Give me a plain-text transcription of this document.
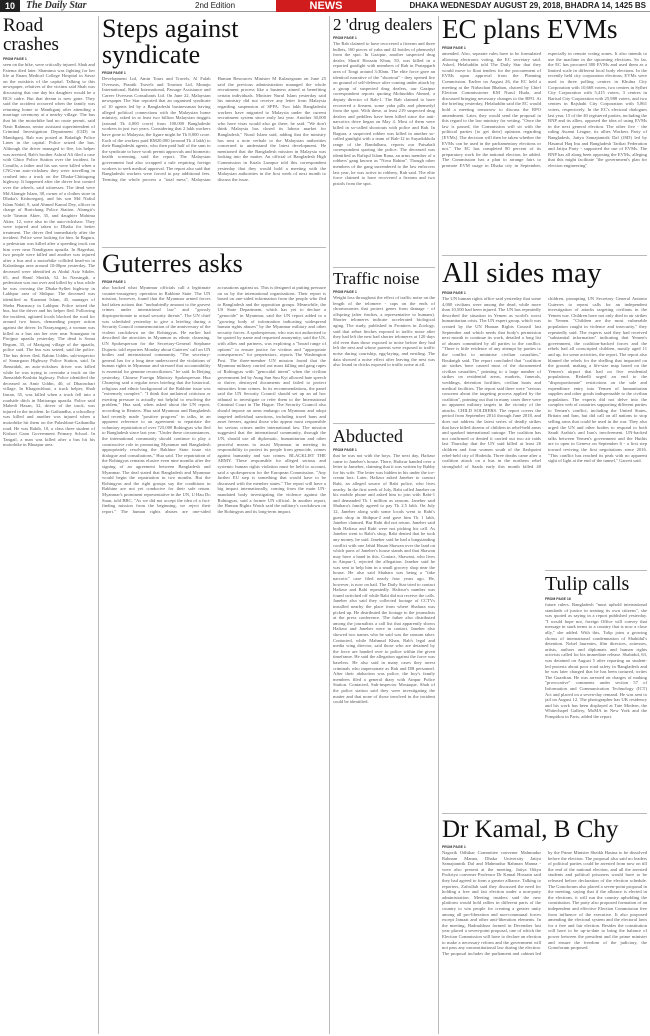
10	The Daily Star	2nd Edition	NEWS	DHAKA WEDNESDAY AUGUST 29, 2018, BHADRA 14, 1425 BS
Road crashes
FROM PAGE 1
seen on the bike, were critically injured. Shah and Fatema died later. Shamima was fighting for her life at Enam Medical College Hospital in Savar on the outskirts of the capital. Talking to this newspaper, relatives of the victims said Shah was discussing that one day his daughter would be a BCS cadre. But that dream is now gone. They said the accident occurred when the family was returning home to Manikganj after attending a marriage ceremony at a nearby village. The bus that hit the motorbike had no route permit, said Nasir Rahman, senior assistant superintendent of Criminal Investigation Department (CID) in Manikganj. Rab was posted at Baladigh Police Lines in the capital. Police seized the bus. Although the driver managed to flee, his helper was arrested, Rab's brother Ashraf Ali filed a case with Ghior Police Station over the incident. In Comilla, a father and his son were killed when a CNG-run auto-rickshaw they were travelling in crashed into a truck on the Dhaka-Chittagong highway. It happened after the driver lost control over the wheels, said witnesses. The dead were Md Alamgir Islam, 38, owner of a clothes store in Dhaka's Kishoreganj, and his son Md Nafiul Islam Nabil, 9, said Ahmed Kamal Dey, officer in charge of Burichang Police Station. Alamgir's wife Tasmin Akter, 35, and daughter Mahima Akter, 12, were also in the auto-rickshaw. They were injured and taken to Dhaka for better treatment. The driver fled immediately after the incident. Police were looking for him. In Bagura, a pedestrian was killed after a speeding truck ran him over near Nandigram upazila. In Bagerhat, two people were killed and another was injured after a bus and a motorbike collided head-on in Kalardanga area around 10:00pm yesterday. The deceased were identified as Abdul Aziz Sikder, 65, and Hanif Sheikh, 52. In Narsingdi, a pedestrian was run over and killed by a bus while he was crossing the Dhaka-Sylhet highway in Lakhpur area of Shibpur. The deceased was identified as Karamat Islam, 45, manager of Sheba Pharmacy in Lakhpur. Police seized the bus, but the driver and his helper fled. Following the incident, agitated locals blocked the road for around two hours, demanding proper action against the driver. In Narayanganj, a woman was killed as a bus ran her over near Sonargaon in Pirojpur upazila yesterday. The dead is Soma Begum, 35, of Mariganj village of the upazila, police said. The bus was seized, said the police. The bus driver fled, Rahim Uddin, sub-inspector of Sonargaon Highway Police Station, said. In Jhenaidah, an auto-rickshaw driver was killed while he was trying to overtake a truck on the Jhenaidah-Kushtia highway. Police identified the deceased as Amir Uddin, 40, of Dhaonchari village. In Khagrachhari, a truck helper, Shah Imran, 35, was killed when a truck fell into a roadside ditch in Matiranga upazila. Police said Mahedi Hasan, 32, driver of the truck, was injured in the incident. In Gaibandha, a schoolboy was killed and another was injured when a motorbike hit them on the Palashbari-Gaibandha road. He was Rakib, 10, a class three student of Kishori Gaon Government Primary School. In Tangail, a man was killed after a bus hit his motorbike in Bhuapur area.
Steps against syndicate
FROM PAGE 1
Development Ltd, Amin Tours and Travels, Al Falah Overseas, Prantik Travels and Tourism Ltd, Munaju International, Rabbi International, Passage Assistance and Career Overseas Consultants Ltd. On June 22, Malaysian newspaper The Star reported that an organised syndicate of 10 agents led by a Bangladeshi businessman having alleged political connections with the Malaysian home ministry, raked in at least two billion Malaysian ringgits (around Tk 4,000 crore) from 100,000 Bangladeshi workers in just two years. Considering that 2 lakh workers have gone to Malaysia, the figure might be Tk 8,000 crore. Each of the workers paid RM20,000 (around Tk 4 lakh) to their Bangladeshi agents, who then paid half of the sum to the syndicate to have work permit approvals and biometric health screening, said the report. The Malaysian government had also scrapped a rule requiring foreign workers to seek medical approval. The report also said that Bangladeshi workers were forced to pay additional fees. Terming the whole process a "total mess", Malaysian Human Resources Minister M Kulasegaran on June 25 said the previous administration managed the whole recruitment process like a business aimed at benefiting certain individuals. Minister Nurul Islam yesterday said his ministry did not receive any letter from Malaysia regarding suspension of SPPA. Two lakh Bangladeshi workers have migrated to Malaysia under the current recruitment system since early last year. Another 30,000 who have visas would also go there, he said. "We don't think Malaysia has closed its labour market for Bangladesh," Nurul Islam said, adding that the ministry has sent a note verbale to the Malaysian authorities concerned to understand the latest development. He mentioned that the Bangladesh mission in Malaysia was looking into the matter. An official of Bangladesh High Commission in Kuala Lumpur told this correspondent yesterday that they would hold a meeting with the Malaysian authorities in the first week of next month to discuss the issue.
Guterres asks
FROM PAGE 1
also backed what Myanmar officials call a legitimate counter-insurgency operation in Rakhine State. The UN mission, however, found that the Myanmar armed forces had taken actions that "undoubtedly amount to the gravest crimes under international law" and "grossly disproportionate to actual security threats". The UN chief was scheduled yesterday to give a briefing during a Security Council commemoration of the anniversary of the violent crackdown on the Rohingyas. He earlier had described the atrocities in Myanmar as ethnic cleansing. UN Spokesperson for the Secretary-General Stephane Dujarric told reporters Monday about Guterres' call on UN bodies and international community. "The secretary-general has for a long time underscored the violations of human rights in Myanmar and stressed that accountability is essential for genuine reconciliation," he said. In Beijing yesterday, Chinese Foreign Ministry Spokesperson Hua Chunying said a regular news briefing that the historical, religious and ethnic background of the Rakhine issue was "extremely complex". "I think that unilateral criticism or exerting pressure is actually not helpful to resolving the problem," Hua said, when asked about the UN report, according to Reuters. Hua said Myanmar and Bangladesh had recently made "positive progress" in talks, in an apparent reference to an agreement to repatriate the voluntary repatriation of over 725,000 Rohingyas who fled to Bangladesh since last year. "Under these circumstances, the international community should continue to play a constructive role in promoting Myanmar and Bangladesh appropriately resolving the Rakhine State issue via dialogue and consultations," Hua said. The repatriation of the Rohingyas remains elusive even nine months after the signing of an agreement between Bangladesh and Myanmar. The deal stated that Bangladesh and Myanmar would begin the repatriation in two months. But the Rohingyas and the right groups say the conditions in Rakhine are not yet conducive for their safe return. Myanmar's prominent representative in the UN, U Hau Do Suan, told BBC, "As we did not accept the idea of a fact-finding mission from the beginning, we reject their report." The human rights abuses are one-sided accusations against us. This is designed at putting pressure on us by the international organisations. Their report is based on one-sided information from the people who fled to Bangladesh and the opposition groups. Meanwhile, the US State Department, which has yet to declare a "genocide" in Myanmar, said the UN report added to a "growing body of information indicating widespread human rights abuses" by the Myanmar military and other security forces. A spokesperson, who was not authorised to be quoted by name and requested anonymity, said the US, with allies and partners, was exploring a "broad range of options" to ensure justice for victims and "appropriate consequences" for perpetrators, reports The Washington Post. The three-member UN mission found that the Myanmar military carried out mass killing and gang rapes of Rohingyas with "genocidal intent" when the civilian government led by Aung San Suu Kyi allowed hate speech to thrive, destroyed documents and failed to protect minorities from crimes. In its recommendations, the panel said the UN Security Council should set up an ad hoc tribunal to investigate or refer them to the International Criminal Court in The Hague. The Security Council also should impose an arms embargo on Myanmar and adopt targeted individual sanctions, including travel bans and asset freezes, against those who appear most responsible for serious crimes under international law. The mission suggested that the international community, through the UN, should use all diplomatic, humanitarian and other peaceful means to assist Myanmar in meeting its responsibility to protect its people from genocide, crimes against humanity and war crimes. BLACKLIST THE ARMY. These responsible for alleged serious and systemic human rights violation must be held to account, said a spokesperson for the European Commission. "Any further EU step is something that would have to be discussed with the member states." The report will have a big impact internationally, coming from the main UN-mandated body investigating the violence against the Rohingyas, said a former UN official. In another report, the Human Rights Watch said the military's crackdown on the Rohingyas and its long-term impact.
2 'drug dealers
FROM PAGE 1
The Rab claimed to have recovered a firearm and three bullets, 160 pieces of yaba and 42 bottles of phensedyl from the spot. In Gazipur, another suspected drug dealer, Sharif Hossain Khan, 50, was killed in a reported gunfight with members of Rab in Pratapgarh area of Tongi around 3:30am. The elite force gave an identical narrative of the "shootout" - they opened fire on ground of self-defence after coming under attack by a group of suspected drug dealers, our Gazipur correspondent reports quoting Mohiuddin Ahmed, a deputy director of Rab-1. The Rab claimed to have recovered a firearm, some yaba pills and phensedyl from the spot. With these, at least 219 suspected drug dealers and peddlers have been killed since the anti-narcotics drive began on May 4. Most of them were killed in so-called shootouts with police and Rab. In Bagura, a suspected robber was killed in another so-called gunfight with a team of Rab-12 in Suyadokhola range of the Bandalhara, reports our Paisabali correspondent quoting the police. The deceased was identified as Rafiqul Islam Rana, an arms member of a robbers' gang known as "Nova Rahim". Though other members of the gang surrendered to the law enforcers last year, he was active in robbery, Rab said. The elite force claimed to have recovered a firearm and two pistols from the spot.
Traffic noise
FROM PAGE 1
Weight loss throughout the effect of traffic noise on the length of the telomere - caps on the ends of chromosomes that protect genes from damage - of offspring (after finches, a representative to humans). Shorter telomeres indicate accelerated biological aging. The study, published in Frontiers in Zoology, said that zebra finches exposed to traffic noise after they had left the nest had shorter telomeres at 120 days old even than those exposed to noise before they had left the nest and whose parents were exposed to traffic noise during courtship, egg-laying, and nestling. The data showed a noise effect after leaving the nest was also found in chicks exposed to traffic noise at all.
Abducted
FROM PAGE 1
that he was not with the boys. The next day, Hafizur came to Janeber's house. There, Hafizur handed over a letter to Jameber, claiming that it was written by Rabby for his wife. The letter was hidden in his under the ice-cream box. Later, Hafizur asked Janeber to contact Rabi, an alleged source of Rabi police, who lives nearby. In the first week of July, Rabi called Janeber on his mobile phone and asked him to join with Rabi-1 and demanded Tk 1 million as ransom. Janeber said Shahara's family agreed to pay Tk 2.5 lakh. On July 12, Janeber along with some locals went to Rabi's guest shop in Shibpur-2 and gave him Tk 1 lakh, Janeber claimed. But Rabi did not return. Janeber said both Hafizur and Rabi were not picking his call. As Janeber went to Rabi's shop, Rabi denied that he took any money, he said. Janeber said he had a longstanding conflict with one Jahid Hasan Shawan over the land on which parts of Janeber's house stands and that Shawan may have a hand in this. Contact, Shawani, who lives in Ainpur-1, rejected the allegation. Janeber said he was sent to help him in a small grocery shop near the house. He also said Shahara was being a "fake narcotic" case filed nearly four years ago. He, however, is now on bail. The Daily Star tried to contact Hafizur and Rabi repeatedly. Hafizur's number was found switched off while Rabi did not receive the calls. Janeber also said they collected footage of CCTVs installed nearby the place from where Shahara was picked up. He distributed the footage to the journalists at the press conference. The father also distributed among the journalists a call list that apparently shows Hafizur and Janeber were in contact. Janeber also showed two names who he said was the ransom taker. Contacted, while Mahmud Khan, Rab's legal and media wing director, said those who are detained by the force are handed over to police within the given timeframe. He said the allegation against the force was baseless. He also said in many cases they arrest criminals who impersonate as Rab and DB personnel. After their abduction was police, the boy's family members filed a general diary with Ainpur Police Station. Contacted, Sub-inspector Mostaque, Shah of the police station said they were investigating the matter and that none of those involved in the incident could be identified.
EC plans EVMs
FROM PAGE 1
amended. Also, separate rules have to be formulated allowing electronic voting, the EC secretary said. Asked, Helaluddin told The Daily Star that they would move to float tenders for the procurement of EVMs upon approval from the Planning Commission. Earlier on August 26, the EC held a meeting at the Nirbachan Bhaban, chaired by Chief Election Commissioner KM Nurul Huda, and discussed bringing necessary changes to the RPO. At the briefing yesterday, Helaluddin said the EC would hold a meeting tomorrow to discuss the RPO amendment. Later, they would send the proposal in this regard to the law ministry for vetting. "Once the law is passed, the Commission will sit with the political parties [to get their] opinions regarding [EVMs]. The decision will then be taken whether the EVMs can be used in the parliamentary elections or not." The EC has completed 80 percent of its preparatory work for the national election, he added. The Commission has a plan to arrange fairs to promote EVM usage in Dhaka city in September, especially in remote voting zones. It also intends to use the machine in the upcoming elections. So far, the EC has procured 380 EVMs and used them as a limited scale in different local body elections. In the recently held city corporation elections, EVMs were used in three polling centres in Khulna City Corporation with 10,668 voters, two centres in Sylhet City Corporation with 5,415 voters, 3 centres in Barisal City Corporation with 25,988 voters, and two centres in Rajshahi City Corporation with 5,861 voters, respectively. In the EC's electoral dialogues last year, 15 of the 40 registered parties, including the BNP and its allies, opposed the idea of using EVMs in the next general election. The other five - the ruling Awami League, its allies Workers Party of Bangladesh, Jatiya Samajtantrik Dal (JSD) led by Hasanul Haq Inu and Bangladesh Tarikat Federation and Jatiya Party - supported the use of EVMs. The BNP has all along been opposing the EVMs, alleging that this might facilitate "the government's plan for election engineering".
All sides may
FROM PAGE 1
The UN human rights office said yesterday that some 4,000 civilians were among the dead, while more than 10,500 had been injured. The UN has repeatedly described the situation in Yemen as world's worst humanitarian crisis. The UN expert group, which was created by the UN Human Rights Council last September and which needs that body's permission next month to continue its work, detailed a long list of abuses committed by all parties to the conflict. "There is little evidence of any attempt by parties to the conflict to minimise civilian casualties," Bouknigh said. The report concluded that "coalition air strikes have caused most of the documented civilian casualties," pointing to a large number of strikes on residential areas, markets, funerals, weddings, detention facilities, civilian boats and medical facilities. The report said there were "serious concerns about the targeting process applied by the coalition", pointing out that in many cases there were no apparent military targets in the vicinity of the attacks. CHILD SOLDIERS. The report covers the period from September 2014 through June 2018, and does not address the latest series of deadly strikes that have killed dozens of children in rebel-held areas and sparked international outrage. The coalition has not confirmed or denied it carried out two air raids last Thursday that the UN said killed at least 26 children and four women south of the flashpoint rebel-held city of Hodeida. Three deaths came after a coalition attack on a bus in the northern rebel stronghold of Saada early this month killed 40 children, prompting UN Secretary General Antonio Guterres to repeat calls for an independent investigation of attacks targeting civilians in the Yemen war. Children have not only died in air strikes in Yemen. "Children are the most vulnerable population caught in violence and insecurity," they repeatedly said. The experts said they had received "substantial information" indicating that Yemen's government, the coalition-backed forces and the rebels had all conscripted children, mostly aged 11 and up, for some activities, the report. The report also blamed the rebels for the shelling that impacted on the ground, making a life-size map based on the Yemen's airport that had on five residential populations. Redaelli urged an end to the "disproportionate" restrictions on the sale and expenditure entry into Yemen of humanitarian supplies and other goods indispensable to the civilian population. The experts did not delve into the complex web of countries supporting different parties to Yemen's conflict, including the United States, Britain and Iran, but did call on all nations to stop selling arms that could be used in the war. They also urged the UN and other bodies to respond to both Saudi Arabia's and Iran's involvement. UN-backed talks between Yemen's government and the Huthis are to open in Geneva on September 6 - a first step toward reviving the first negotiations since 2016. "This conflict has reached its peak with no apparent sight of light at the end of the tunnel," Garrett said.
Tulip calls
FROM PAGE 16
future rulers. Bangladesh "must uphold international standards of justice in treating its own citizens", she was quoted as saying in a report published yesterday. "I would hope not, foreign Office will convey that message in stark terms to a country that is now a close ally," she added. With this, Tulip joins a growing chorus of international condemnation of Shahidul's detention. Nobel laureates, film directors, actresses, artists, authors and diplomats and human rights activists called for his immediate release. Shahidul, 63, was detained on August 5 after reporting on student-led protests about poor road safety in Bangladesh and he was later charged that he has been tortured, writes The Guardian. He was arrested on charges of making "provocative" comments under section 57 of Information and Communication Technology (ICT) Act and placed on a seven-day remand. He was sent to jail on August 12. The photographer has UK residency and his work has been displayed at Tate Modern, the Whitechapel Gallery, MoMA in New York and the Pompidou in Paris, added the report.
Dr Kamal, B Chy
FROM PAGE 1
Nagorik Odhikar Committee convenor Mahmudur Rahman Manna, Dhaka University Jatiya Samajtantrik Dal and Mahmudur Rahman Manna - were also present at the meeting. Jatiya Oikya Prokriya convener Professor Dr Kamal Hossain said they had agreed to form a greater alliance. Talking to reporters, Zafrullah said they discussed the need for holding a free and fair election under a non-party administration. Meeting insiders said the new platform would hold rallies in different parts of the country to win people for creating a greater unity among all pro-liberation and non-communal forces except Jamaat and other anti-liberation elements. In the meeting, Badruddoza formed in December last year placed a seven-point proposal, one of which the Election Commission will have to declare an election to make a necessary reform and the government will not pass any unconstitutional law during the election. The proposal includes the parliament and cabinet led by the Prime Minister Sheikh Hasina to be dissolved before the election. The proposal also said no leaders of political parties could be arrested from now on till the end of the national election, and all the arrested students and political prisoners would have to be released before declaration of the election schedule. The Gonoforum also placed a seven-point proposal in the meeting, saying that if the alliance is elected in the elections, it will run the country upholding the constitution. The party also proposed formation of an independent and effective Election Commission free from influence of the executive. It also proposed amending the electoral system and the electoral laws for a free and fair election. Besides the constitution will have to be up-to-date to bring the balance of power between the president and the prime minister and ensure the freedom of the judiciary, the Gonoforum proposed.
